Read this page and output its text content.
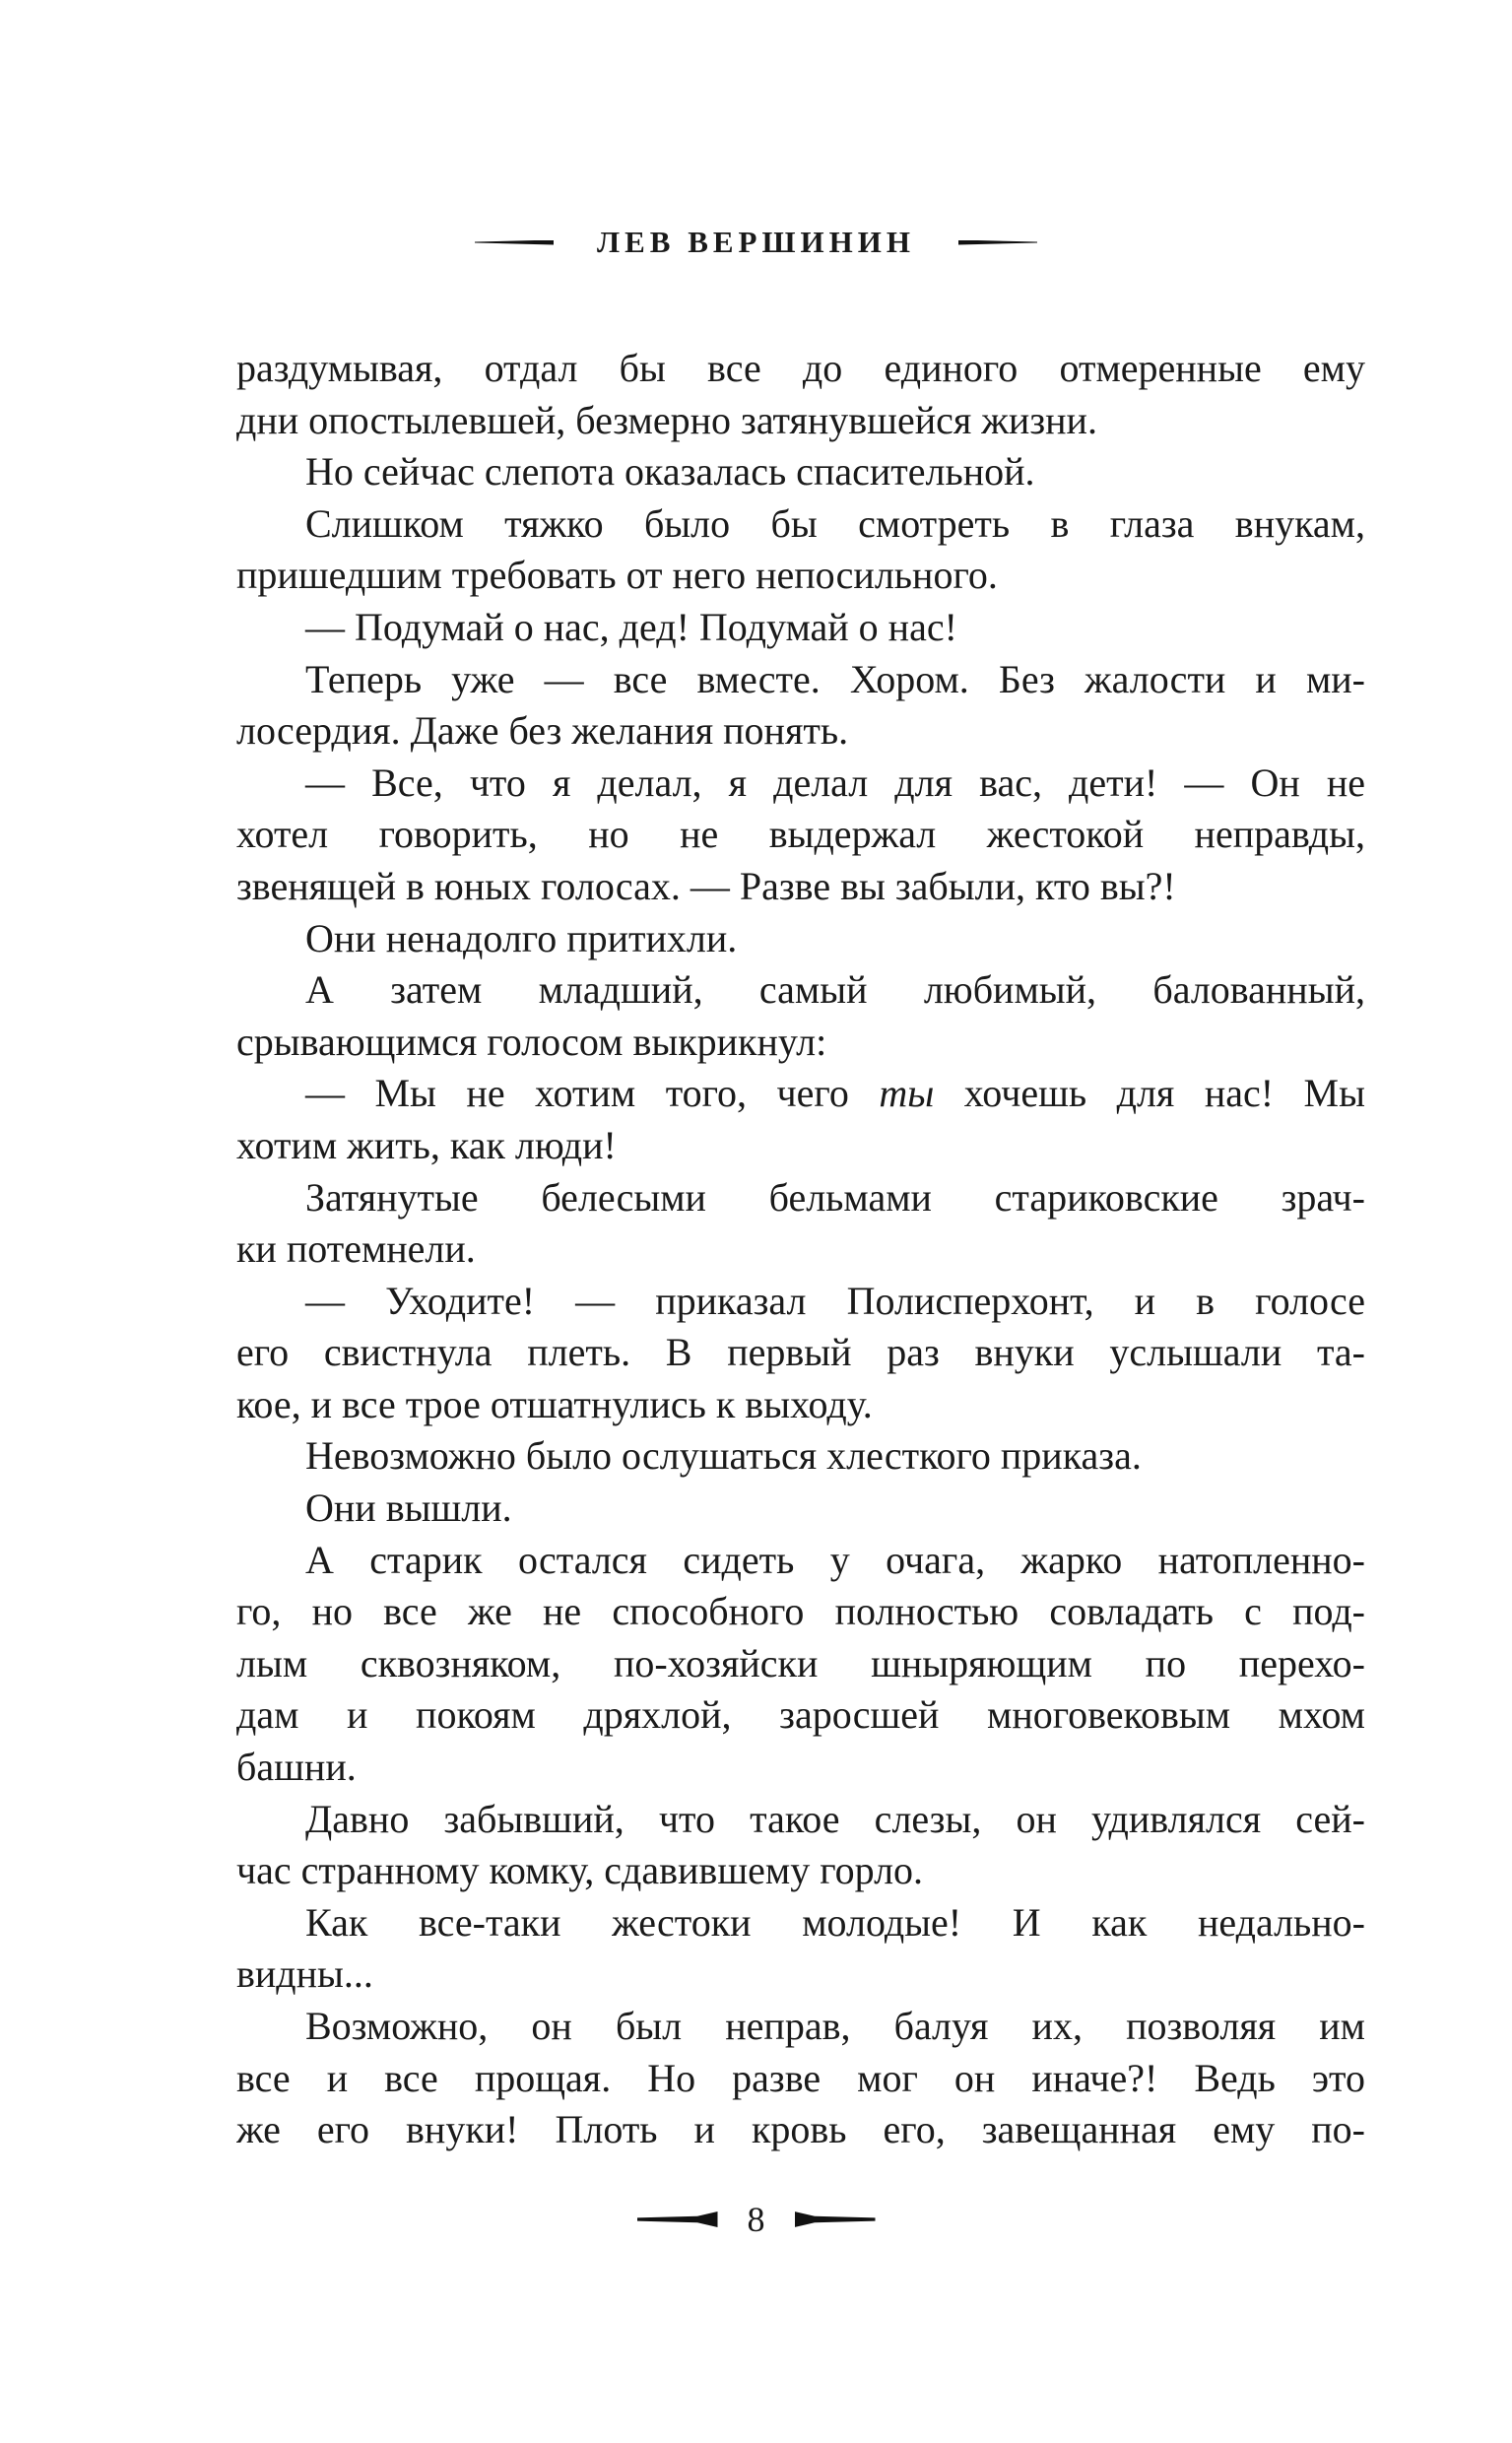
ЛЕВ ВЕРШИНИН
раздумывая, отдал бы все до единого отмеренные ему
дни опостылевшей, безмерно затянувшейся жизни.
Но сейчас слепота оказалась спасительной.
Слишком тяжко было бы смотреть в глаза внукам,
пришедшим требовать от него непосильного.
— Подумай о нас, дед! Подумай о нас!
Теперь уже — все вместе. Хором. Без жалости и ми-
лосердия. Даже без желания понять.
— Все, что я делал, я делал для вас, дети! — Он не
хотел говорить, но не выдержал жестокой неправды,
звенящей в юных голосах. — Разве вы забыли, кто вы?!
Они ненадолго притихли.
А затем младший, самый любимый, балованный,
срывающимся голосом выкрикнул:
— Мы не хотим того, чего ты хочешь для нас! Мы
хотим жить, как люди!
Затянутые белесыми бельмами стариковские зрач-
ки потемнели.
— Уходите! — приказал Полисперхонт, и в голосе
его свистнула плеть. В первый раз внуки услышали та-
кое, и все трое отшатнулись к выходу.
Невозможно было ослушаться хлесткого приказа.
Они вышли.
А старик остался сидеть у очага, жарко натопленно-
го, но все же не способного полностью совладать с под-
лым сквозняком, по-хозяйски шныряющим по перехо-
дам и покоям дряхлой, заросшей многовековым мхом
башни.
Давно забывший, что такое слезы, он удивлялся сей-
час странному комку, сдавившему горло.
Как все-таки жестоки молодые! И как недально-
видны...
Возможно, он был неправ, балуя их, позволяя им
все и все прощая. Но разве мог он иначе?! Ведь это
же его внуки! Плоть и кровь его, завещанная ему по-
8
